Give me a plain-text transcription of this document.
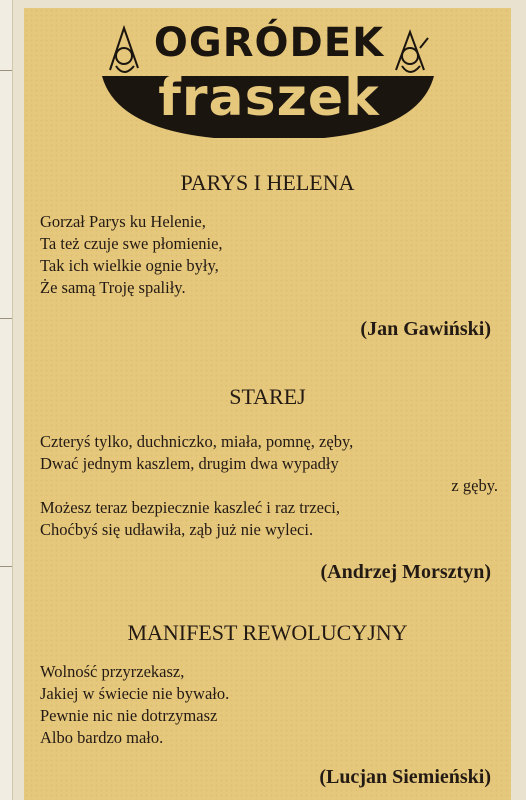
OGRÓDEK
fraszek
PARYS I HELENA
Gorzał Parys ku Helenie,
Ta też czuje swe płomienie,
Tak ich wielkie ognie były,
Że samą Troję spaliły.
(Jan Gawiński)
STAREJ
Czteryś tylko, duchniczko, miała, pomnę, zęby,
Dwać jednym kaszlem, drugim dwa wypadły
z gęby.
Możesz teraz bezpiecznie kaszleć i raz trzeci,
Choćbyś się udławiła, ząb już nie wyleci.
(Andrzej Morsztyn)
MANIFEST REWOLUCYJNY
Wolność przyrzekasz,
Jakiej w świecie nie bywało.
Pewnie nic nie dotrzymasz
Albo bardzo mało.
(Lucjan Siemieński)
